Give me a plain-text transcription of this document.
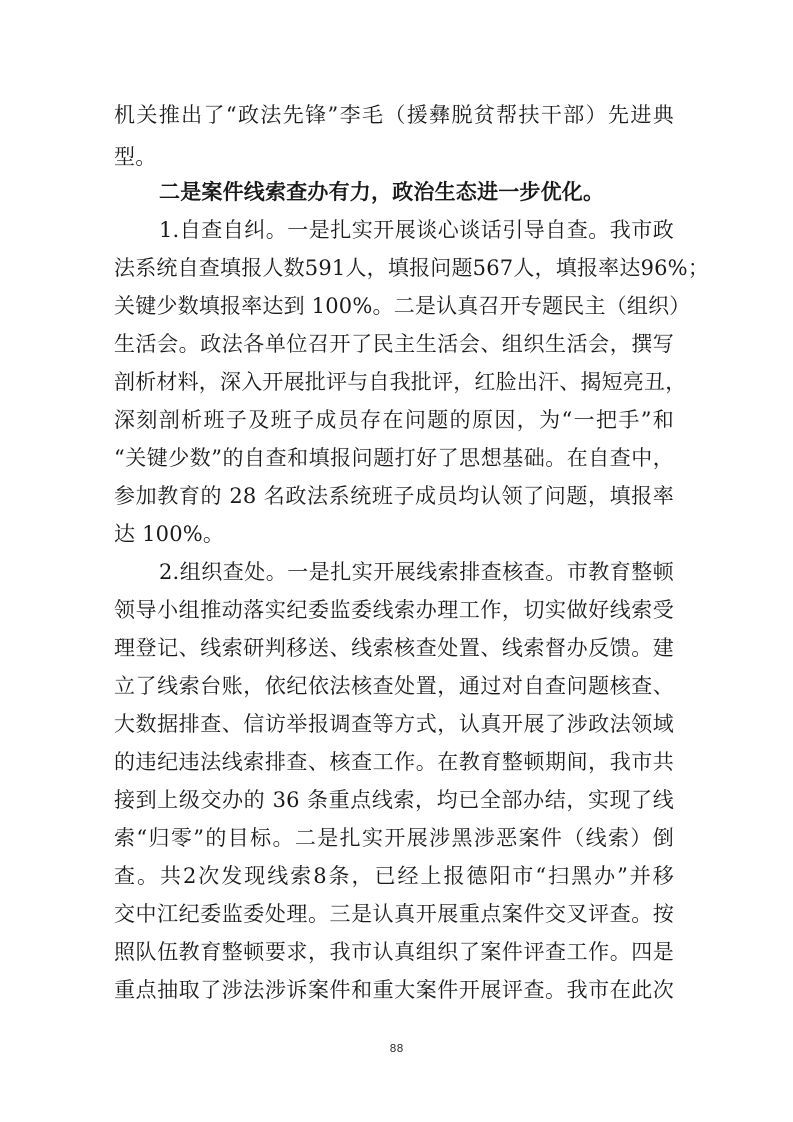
机关推出了“政法先锋”李毛（援彝脱贫帮扶干部）先进典
型。
二是案件线索查办有力，政治生态进一步优化。
1.自查自纠。一是扎实开展谈心谈话引导自查。我市政
法系统自查填报人数591人，填报问题567人，填报率达96%；
关键少数填报率达到 100%。二是认真召开专题民主（组织）
生活会。政法各单位召开了民主生活会、组织生活会，撰写
剖析材料，深入开展批评与自我批评，红脸出汗、揭短亮丑，
深刻剖析班子及班子成员存在问题的原因，为“一把手”和
“关键少数”的自查和填报问题打好了思想基础。在自查中，
参加教育的 28 名政法系统班子成员均认领了问题，填报率
达 100%。
2.组织查处。一是扎实开展线索排查核查。市教育整顿
领导小组推动落实纪委监委线索办理工作，切实做好线索受
理登记、线索研判移送、线索核查处置、线索督办反馈。建
立了线索台账，依纪依法核查处置，通过对自查问题核查、
大数据排查、信访举报调查等方式，认真开展了涉政法领域
的违纪违法线索排查、核查工作。在教育整顿期间，我市共
接到上级交办的 36 条重点线索，均已全部办结，实现了线
索“归零”的目标。二是扎实开展涉黑涉恶案件（线索）倒
查。共2次发现线索8条，已经上报德阳市“扫黑办”并移
交中江纪委监委处理。三是认真开展重点案件交叉评查。按
照队伍教育整顿要求，我市认真组织了案件评查工作。四是
重点抽取了涉法涉诉案件和重大案件开展评查。我市在此次
88
